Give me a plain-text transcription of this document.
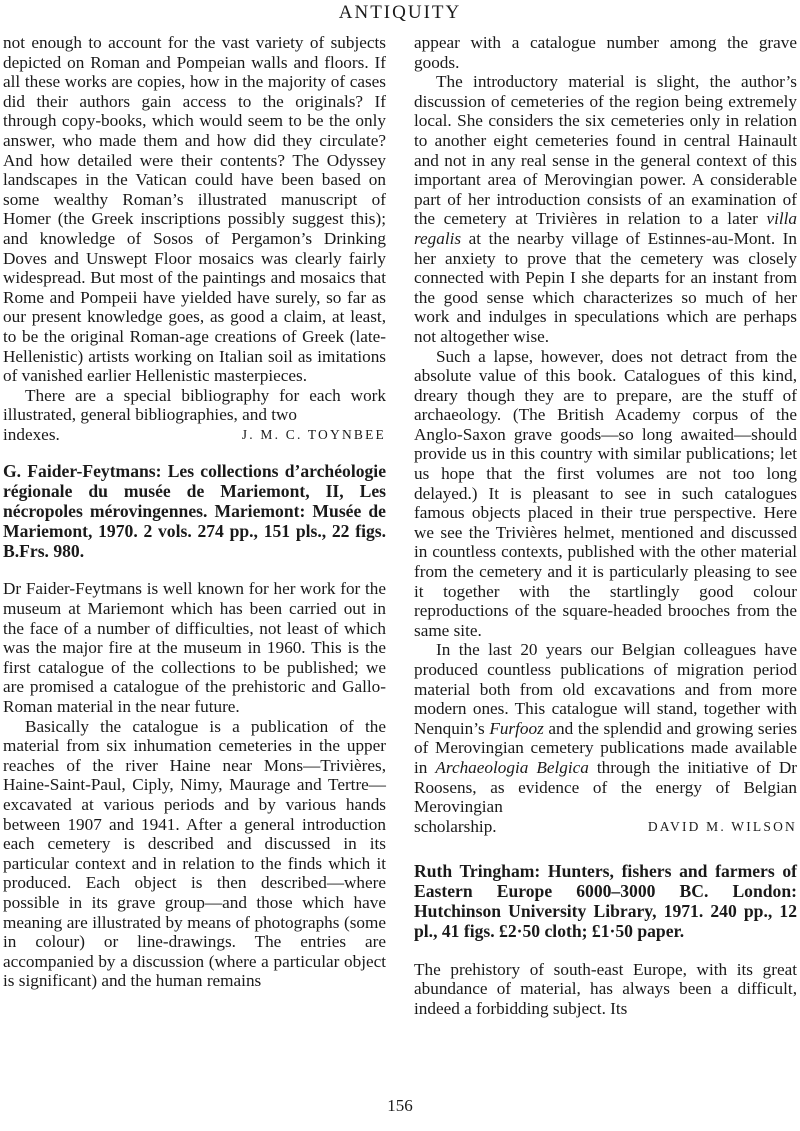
ANTIQUITY

not enough to account for the vast variety of subjects depicted on Roman and Pompeian walls and floors. If all these works are copies, how in the majority of cases did their authors gain access to the originals? If through copy-books, which would seem to be the only answer, who made them and how did they circulate? And how detailed were their contents? The Odyssey landscapes in the Vatican could have been based on some wealthy Roman’s illustrated manuscript of Homer (the Greek inscriptions possibly suggest this); and knowledge of Sosos of Pergamon’s Drinking Doves and Unswept Floor mosaics was clearly fairly widespread. But most of the paintings and mosaics that Rome and Pompeii have yielded have surely, so far as our present knowledge goes, as good a claim, at least, to be the original Roman-age creations of Greek (late-Hellenistic) artists working on Italian soil as imitations of vanished earlier Hellenistic masterpieces.

There are a special bibliography for each work illustrated, general bibliographies, and two

indexes.	J. M. C. TOYNBEE
G. Faider-Feytmans: Les collections d’archéologie régionale du musée de Mariemont, II, Les nécropoles mérovingennes. Mariemont: Musée de Mariemont, 1970. 2 vols. 274 pp., 151 pls., 22 figs. B.Frs. 980.

Dr Faider-Feytmans is well known for her work for the museum at Mariemont which has been carried out in the face of a number of difficulties, not least of which was the major fire at the museum in 1960. This is the first catalogue of the collections to be published; we are promised a catalogue of the prehistoric and Gallo-Roman material in the near future.

Basically the catalogue is a publication of the material from six inhumation cemeteries in the upper reaches of the river Haine near Mons—Trivières, Haine-Saint-Paul, Ciply, Nimy, Maurage and Tertre—excavated at various periods and by various hands between 1907 and 1941. After a general introduction each cemetery is described and discussed in its particular context and in relation to the finds which it produced. Each object is then described—where possible in its grave group—and those which have meaning are illustrated by means of photographs (some in colour) or line-drawings. The entries are accompanied by a discussion (where a particular object is significant) and the human remains

appear with a catalogue number among the grave goods.

The introductory material is slight, the author’s discussion of cemeteries of the region being extremely local. She considers the six cemeteries only in relation to another eight cemeteries found in central Hainault and not in any real sense in the general context of this important area of Merovingian power. A considerable part of her introduction consists of an examination of the cemetery at Trivières in relation to a later villa regalis at the nearby village of Estinnes-au-Mont. In her anxiety to prove that the cemetery was closely connected with Pepin I she departs for an instant from the good sense which characterizes so much of her work and indulges in speculations which are perhaps not altogether wise.

Such a lapse, however, does not detract from the absolute value of this book. Catalogues of this kind, dreary though they are to prepare, are the stuff of archaeology. (The British Academy corpus of the Anglo-Saxon grave goods—so long awaited—should provide us in this country with similar publications; let us hope that the first volumes are not too long delayed.) It is pleasant to see in such catalogues famous objects placed in their true perspective. Here we see the Trivières helmet, mentioned and discussed in countless contexts, published with the other material from the cemetery and it is particularly pleasing to see it together with the startlingly good colour reproductions of the square-headed brooches from the same site.

In the last 20 years our Belgian colleagues have produced countless publications of migration period material both from old excavations and from more modern ones. This catalogue will stand, together with Nenquin’s Furfooz and the splendid and growing series of Merovingian cemetery publications made available in Archaeologia Belgica through the initiative of Dr Roosens, as evidence of the energy of Belgian Merovingian

scholarship.	DAVID M. WILSON
Ruth Tringham: Hunters, fishers and farmers of Eastern Europe 6000–3000 BC. London: Hutchinson University Library, 1971. 240 pp., 12 pl., 41 figs. £2·50 cloth; £1·50 paper.

The prehistory of south-east Europe, with its great abundance of material, has always been a difficult, indeed a forbidding subject. Its

156
